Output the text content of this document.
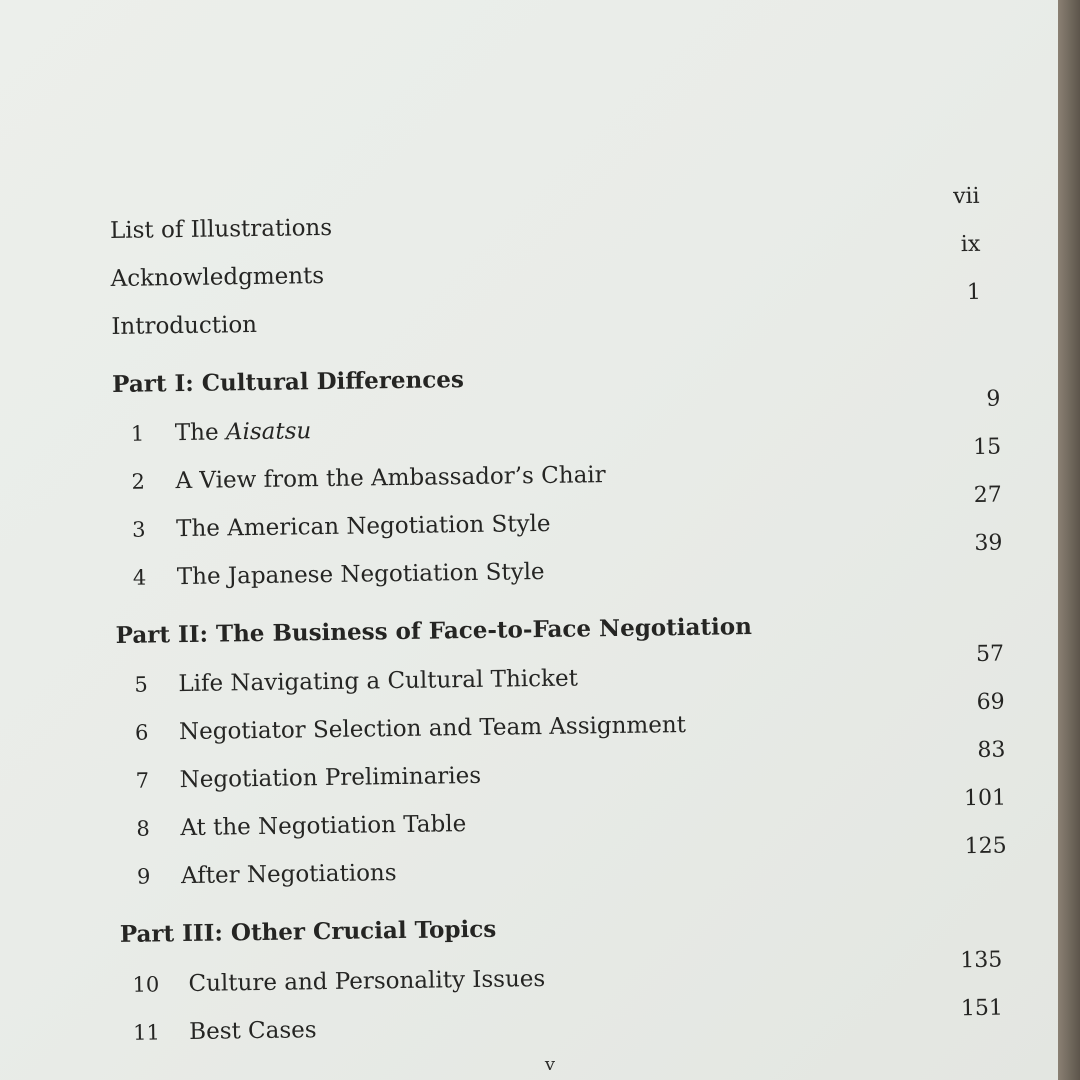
List of Illustrations
vii
Acknowledgments
ix
Introduction
1
Part I: Cultural Differences
1 The Aisatsu
9
2 A View from the Ambassador’s Chair
15
3 The American Negotiation Style
27
4 The Japanese Negotiation Style
39
Part II: The Business of Face-to-Face Negotiation
5 Life Navigating a Cultural Thicket
57
6 Negotiator Selection and Team Assignment
69
7 Negotiation Preliminaries
83
8 At the Negotiation Table
101
9 After Negotiations
125
Part III: Other Crucial Topics
10 Culture and Personality Issues
135
11 Best Cases
151
v
